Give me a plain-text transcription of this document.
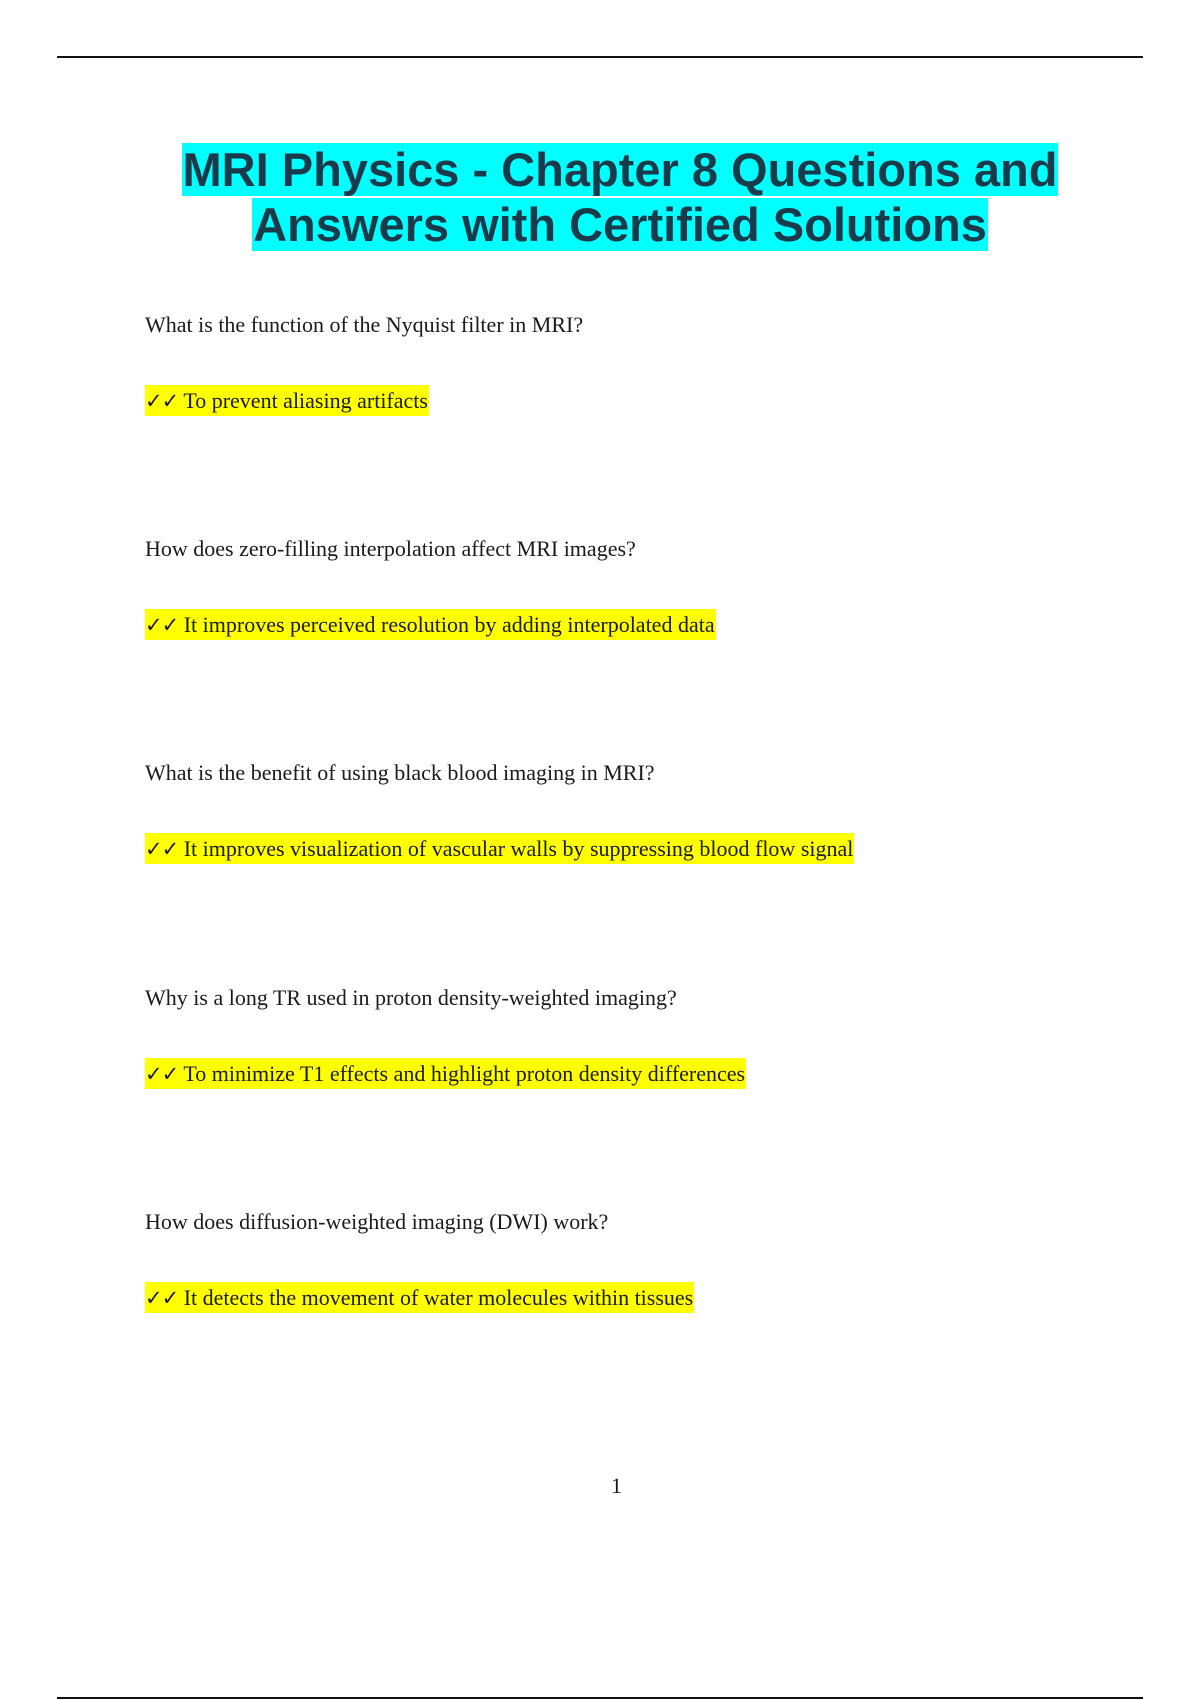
MRI Physics - Chapter 8 Questions and
Answers with Certified Solutions

What is the function of the Nyquist filter in MRI?

✓✓ To prevent aliasing artifacts

How does zero-filling interpolation affect MRI images?

✓✓ It improves perceived resolution by adding interpolated data

What is the benefit of using black blood imaging in MRI?

✓✓ It improves visualization of vascular walls by suppressing blood flow signal

Why is a long TR used in proton density-weighted imaging?

✓✓ To minimize T1 effects and highlight proton density differences

How does diffusion-weighted imaging (DWI) work?

✓✓ It detects the movement of water molecules within tissues

1
